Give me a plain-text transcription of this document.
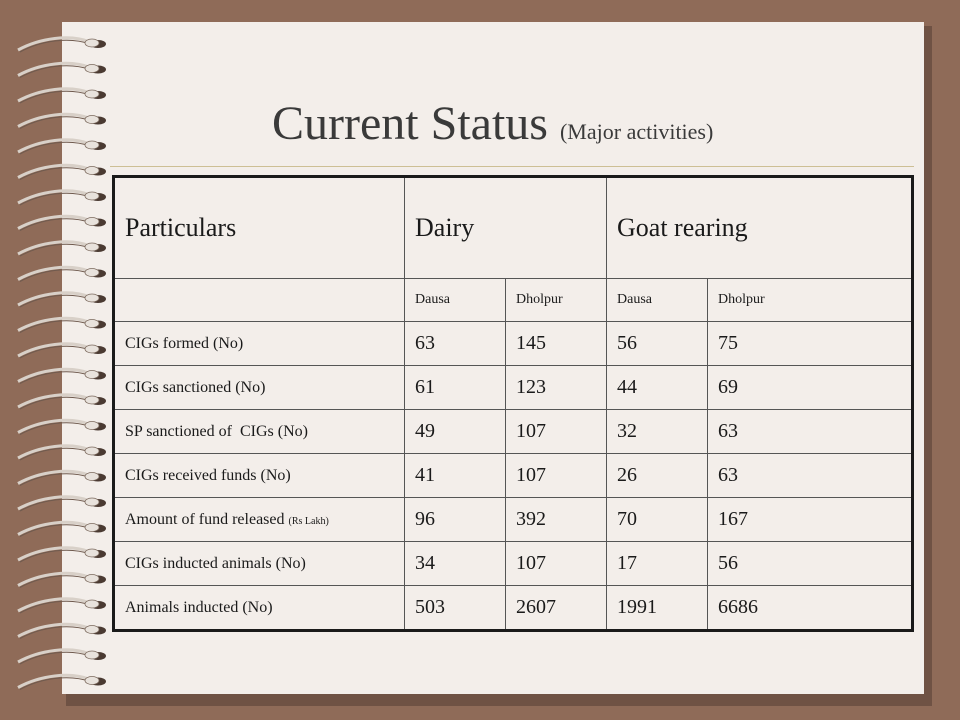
Current Status (Major activities)
Particulars	Dairy		Goat rearing	
	Dausa	Dholpur	Dausa	Dholpur
CIGs formed (No)	63	145	56	75
CIGs sanctioned (No)	61	123	44	69
SP sanctioned of  CIGs (No)	49	107	32	63
CIGs received funds (No)	41	107	26	63
Amount of fund released (Rs Lakh)	96	392	70	167
CIGs inducted animals (No)	34	107	17	56
Animals inducted (No)	503	2607	1991	6686
